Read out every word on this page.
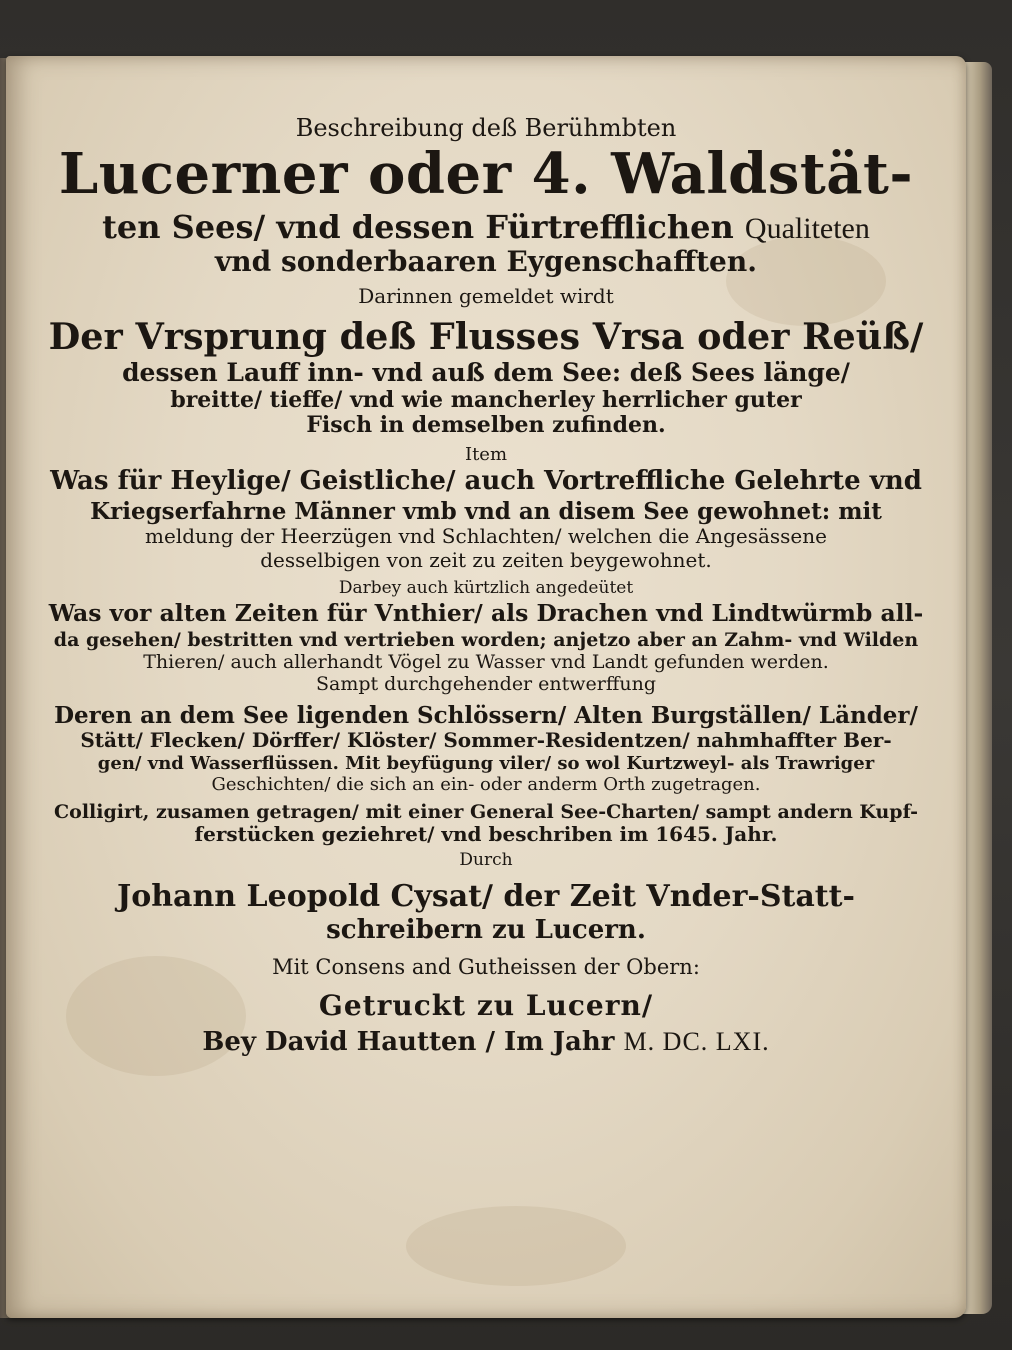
Beschreibung deß Berühmbten
Lucerner oder 4. Waldstät-
ten Sees/ vnd dessen Fürtrefflichen Qualiteten
vnd sonderbaaren Eygenschafften.
Darinnen gemeldet wirdt
Der Vrsprung deß Flusses Vrsa oder Reüß/
dessen Lauff inn- vnd auß dem See: deß Sees länge/
breitte/ tieffe/ vnd wie mancherley herrlicher guter
Fisch in demselben zufinden.
Item
Was für Heylige/ Geistliche/ auch Vortreffliche Gelehrte vnd
Kriegserfahrne Männer vmb vnd an disem See gewohnet: mit
meldung der Heerzügen vnd Schlachten/ welchen die Angesässene
desselbigen von zeit zu zeiten beygewohnet.
Darbey auch kürtzlich angedeütet
Was vor alten Zeiten für Vnthier/ als Drachen vnd Lindtwürmb all-
da gesehen/ bestritten vnd vertrieben worden; anjetzo aber an Zahm- vnd Wilden
Thieren/ auch allerhandt Vögel zu Wasser vnd Landt gefunden werden.
Sampt durchgehender entwerffung
Deren an dem See ligenden Schlössern/ Alten Burgställen/ Länder/
Stätt/ Flecken/ Dörffer/ Klöster/ Sommer-Residentzen/ nahmhaffter Ber-
gen/ vnd Wasserflüssen. Mit beyfügung viler/ so wol Kurtzweyl- als Trawriger
Geschichten/ die sich an ein- oder anderm Orth zugetragen.
Colligirt, zusamen getragen/ mit einer General See-Charten/ sampt andern Kupf-
ferstücken geziehret/ vnd beschriben im 1645. Jahr.
Durch
Johann Leopold Cysat/ der Zeit Vnder-Statt-
schreibern zu Lucern.
Mit Consens and Gutheissen der Obern:
Getruckt zu Lucern/
Bey David Hautten / Im Jahr M. DC. LXI.
